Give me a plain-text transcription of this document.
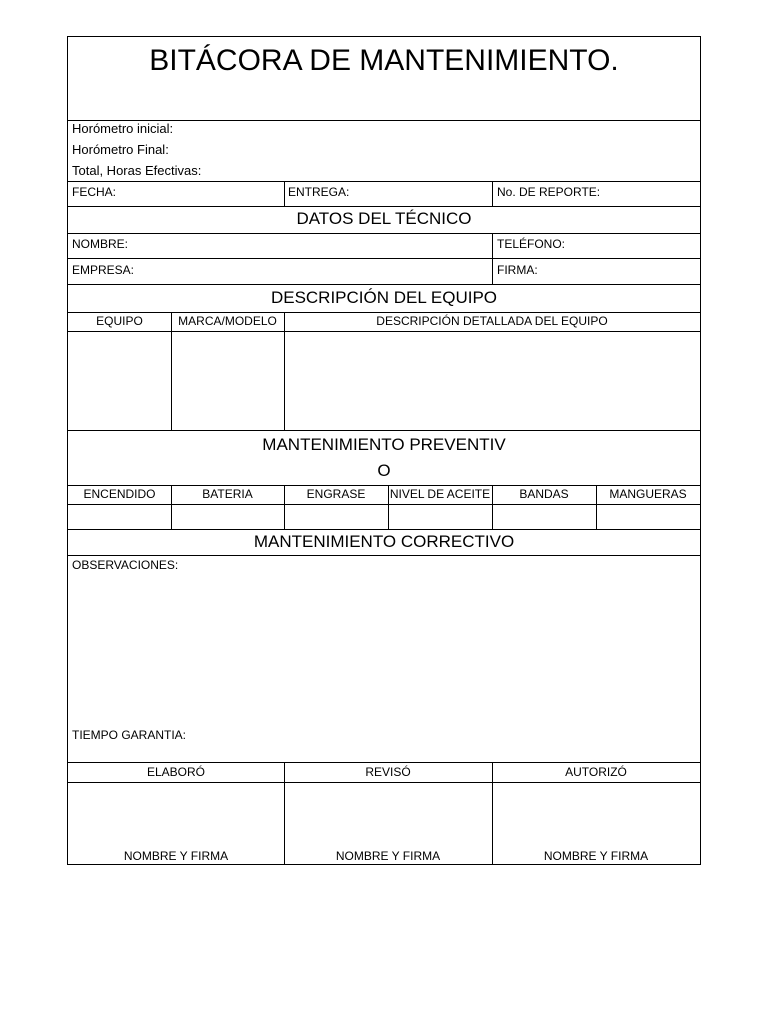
BITÁCORA DE MANTENIMIENTO.
Horómetro inicial:
Horómetro Final:
Total, Horas Efectivas:
FECHA:	ENTREGA:	No. DE REPORTE:
DATOS DEL TÉCNICO
NOMBRE:	TELÉFONO:
EMPRESA:	FIRMA:
DESCRIPCIÓN DEL EQUIPO
EQUIPO	MARCA/MODELO	DESCRIPCIÓN DETALLADA DEL EQUIPO
MANTENIMIENTO PREVENTIV
O
ENCENDIDO	BATERIA	ENGRASE	NIVEL DE ACEITE	BANDAS	MANGUERAS
MANTENIMIENTO CORRECTIVO
OBSERVACIONES:
TIEMPO GARANTIA:
ELABORÓ	REVISÓ	AUTORIZÓ
NOMBRE Y FIRMA	NOMBRE Y FIRMA	NOMBRE Y FIRMA
